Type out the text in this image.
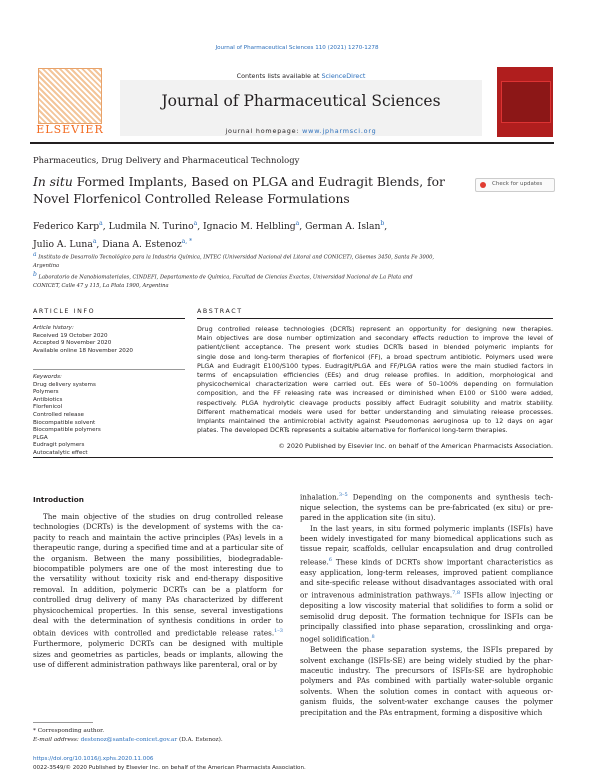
Journal of Pharmaceutical Sciences 110 (2021) 1270-1278
ELSEVIER
Contents lists available at ScienceDirect
Journal of Pharmaceutical Sciences
journal homepage: www.jpharmsci.org
Pharmaceutics, Drug Delivery and Pharmaceutical Technology
In situ Formed Implants, Based on PLGA and Eudragit Blends, for
Novel Florfenicol Controlled Release Formulations
Check for updates
Federico Karp$^a$, Ludmila N. Turino$^a$, Ignacio M. Helbling$^a$, German A. Islan$^b$,
Julio A. Luna$^a$, Diana A. Estenoz$^{a, *}$
$^a$ Instituto de Desarrollo Tecnológico para la Industria Química, INTEC (Universidad Nacional del Litoral and CONICET), Güemes 3450, Santa Fe 3000,
Argentina
$^b$ Laboratorio de Nanobiomateriales, CINDEFI, Departamento de Química, Facultad de Ciencias Exactas, Universidad Nacional de La Plata and
CONICET, Calle 47 y 115, La Plata 1900, Argentina
ARTICLE INFO	ABSTRACT
Article history:
Received 19 October 2020
Accepted 9 November 2020
Available online 18 November 2020
Keywords:
Drug delivery systems
Polymers
Antibiotics
Florfenicol
Controlled release
Biocompatible solvent
Biocompatible polymers
PLGA
Eudragit polymers
Autocatalytic effect
Drug controlled release technologies (DCRTs) represent an opportunity for designing new therapies.
Main objectives are dose number optimization and secondary effects reduction to improve the level of
patient/client acceptance. The present work studies DCRTs based in blended polymeric implants for
single dose and long-term therapies of florfenicol (FF), a broad spectrum antibiotic. Polymers used were
PLGA and Eudragit E100/S100 types. Eudragit/PLGA and FF/PLGA ratios were the main studied factors in
terms of encapsulation efficiencies (EEs) and drug release profiles. In addition, morphological and
physicochemical characterization were carried out. EEs were of 50–100% depending on formulation
composition, and the FF releasing rate was increased or diminished when E100 or S100 were added,
respectively. PLGA hydrolytic cleavage products possibly affect Eudragit solubility and matrix stability.
Different mathematical models were used for better understanding and simulating release processes.
Implants maintained the antimicrobial activity against Pseudomonas aeruginosa up to 12 days on agar
plates. The developed DCRTs represents a suitable alternative for florfenicol long-term therapies.
© 2020 Published by Elsevier Inc. on behalf of the American Pharmacists Association.
Introduction
The main objective of the studies on drug controlled release
technologies (DCRTs) is the development of systems with the ca-
pacity to reach and maintain the active principles (PAs) levels in a
therapeutic range, during a specified time and at a particular site of
the organism. Between the many possibilities, biodegradable-
biocompatible polymers are one of the most interesting due to
the versatility without toxicity risk and end-therapy dispositive
removal. In addition, polymeric DCRTs can be a platform for
controlled drug delivery of many PAs characterized by different
physicochemical properties. In this sense, several investigations
deal with the determination of synthesis conditions in order to
obtain devices with controlled and predictable release rates.$^{1-3}$
Furthermore, polymeric DCRTs can be designed with multiple
sizes and geometries as particles, beads or implants, allowing the
use of different administration pathways like parenteral, oral or by
inhalation.$^{3-5}$ Depending on the components and synthesis tech-
nique selection, the systems can be pre-fabricated (ex situ) or pre-
pared in the application site (in situ).
In the last years, in situ formed polymeric implants (ISFIs) have
been widely investigated for many biomedical applications such as
tissue repair, scaffolds, cellular encapsulation and drug controlled
release.$^6$ These kinds of DCRTs show important characteristics as
easy application, long-term releases, improved patient compliance
and site-specific release without disadvantages associated with oral
or intravenous administration pathways.$^{7,8}$ ISFIs allow injecting or
depositing a low viscosity material that solidifies to form a solid or
semisolid drug deposit. The formation technique for ISFIs can be
principally classified into phase separation, crosslinking and orga-
nogel solidification.$^8$
Between the phase separation systems, the ISFIs prepared by
solvent exchange (ISFIs-SE) are being widely studied by the phar-
maceutic industry. The precursors of ISFIs-SE are hydrophobic
polymers and PAs combined with partially water-soluble organic
solvents. When the solution comes in contact with aqueous or-
ganism fluids, the solvent-water exchange causes the polymer
precipitation and the PAs entrapment, forming a dispositive which
* Corresponding author.
E-mail address: destenoz@santafe-conicet.gov.ar (D.A. Estenoz).
https://doi.org/10.1016/j.xphs.2020.11.006
0022-3549/© 2020 Published by Elsevier Inc. on behalf of the American Pharmacists Association.
